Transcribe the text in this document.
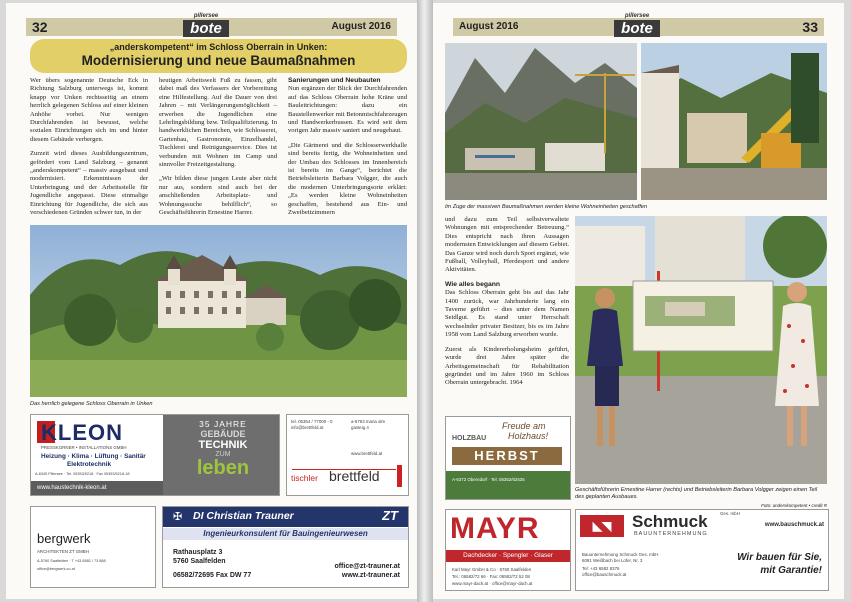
32
pillersee
bote	August 2016
„anderskompetent“ im Schloss Oberrain in Unken:
Modernisierung und neue Baumaßnahmen

Wer übers sogenannte Deutsche Eck in Richtung Salzburg unterwegs ist, kommt knapp vor Unken rechtsseitig an einem herrlich gelegenen Schloss auf einer kleinen Anhöhe vorbei. Nur wenigen Durchfahrenden ist bewusst, welche sozialen Einrichtungen sich im und hinter diesem Gebäude verbergen.

Zurzeit wird dieses Ausbildungszentrum, gefördert vom Land Salzburg – genannt „anderskompetent“ – massiv ausgebaut und modernisiert. Erkenntnissen der Unterbringung und der Arbeitsstelle für Jugendliche angepasst. Diese einmalige Einrichtung für Jugendliche, die sich aus verschiedenen Gründen schwer tun, in der

heutigen Arbeitswelt Fuß zu fassen, gibt dabei maß des Verfassers der Vorbereitung eine Hilfestellung. Auf die Dauer von drei Jahren – mit Verlängerungsmöglichkeit – erwerben die Jugendlichen eine Lehrlingsbildung bzw. Teilqualifizierung. In handwerklichen Bereichen, wie Schlosserei, Gartenbau, Gastronomie, Einzelhandel, Tischlerei und Reinigungsservice. Dies ist verbunden mit Wohnen im Camp und sinnvoller Freizeitgestaltung.

„Wir bilden diese jungen Leute aber nicht nur aus, sondern sind auch bei der anschließenden Arbeitsplatz- und Wohnungssuche behilflich“, so Geschäftsführerin Ernestine Harrer.

Sanierungen und Neubauten

Nun ergänzen der Blick der Durchfahrenden auf das Schloss Oberrain hohe Kräne und Bauleitrichtungen: dazu ein Baustellenwerker mit Betonmischfahrzeugen und Handwerkerbussen. Es wird seit dem vorigen Jahr massiv saniert und neugebaut.

„Die Gärtnerei und die Schlosserwerkhalle sind bereits fertig, die Wohneinheiten und der Umbau des Schlosses im Innenbereich ist bereits im Gange“, berichtet die Betriebsleiterin Barbara Volgger, die auch die modernen Unterbringungsorte erklärt: „Es werden kleine Wohneinheiten geschaffen, bestehend aus Ein- und Zweibettzimmern

Das herrlich gelegene Schloss Oberrain in Unken
KLEON
PRESSKORNER • INSTALLATIONS GMBH
Heizung · Klima · Lüftung · Sanitär
Elektrotechnik
A-6345 Pillersee · Tel. 05353/5218 · Fax 05353/5218-18
www.haustechnik-kleon.at
35 JAHRE
GEBÄUDE
TECHNIK
ZUM
leben
tel. 05354 / 77000 - 0
info@brettfeld.at
a-6763 maria alm
gasteig 4
www.brettfeld.at
tischler brettfeld
bergwerk
ARCHITEKTEN ZT GMBH
A-5760 Saalfelden · T +43 6582 / 73 888
office@bergwerk.co.at
DI Christian Trauner	ZT
✠
Ingenieurkonsulent für Bauingenieurwesen
Rathausplatz 3
5760 Saalfelden
06582/72695 Fax DW 77
office@zt-trauner.at
www.zt-trauner.at
August 2016
pillersee
bote	33
Im Zuge der massiven Baumaßnahmen werden kleine Wohneinheiten geschaffen

und dazu zum Teil selbstverwaltete Wohnungen mit entsprechender Betreuung.“ Dies entspricht nach ihren Aussagen modernsten Entwicklungen auf diesem Gebiet. Das Ganze wird noch durch Sport ergänzt, wie Fußball, Volleyball, Pferdesport und andere Aktivitäten.

Wie alles begann

Das Schloss Oberrain geht bis auf das Jahr 1400 zurück, war Jahrhunderte lang ein Taverne geführt – dies unter dem Namen Seidlgut. Es stand unter Herrschaft wechselnder privater Besitzer, bis es im Jahre 1958 vom Land Salzburg erworben wurde.

Zuerst als Kindererholungsheim geführt, wurde drei Jahre später die Arbeitsgemeinschaft für Rehabilitation gegründet und im Jahre 1960 im Schloss Oberrain untergebracht. 1964

Freude am
Holzhaus!
HOLZBAU
HERBST
A-6372 Oberndorf · Tel. 05352/62535
MAYR
Dachdecker · Spengler · Glaser
Karl Mayr GmbH & Co · 5760 Saalfelden
Tel.: 06582/72 66 · Fax: 06582/72 52 08
www.mayr-dach.at · office@mayr-dach.at
Geschäftsführerin Ernestine Harrer (rechts) und Betriebsleiterin Barbara Volgger zeigen einen Teil des geplanten Ausbaues.
Foto: anderskompetent • credit R
◣◥	Schmuck	Ges. mbH
BAUUNTERNEHMUNG
www.bauschmuck.at
Bauunternehmung Schmuck Ges. mbH
6091 Weißbach bei Lofer, Nr. 3
Tel: +43 6582 8376
office@bauschmuck.at
Wir bauen für Sie,
mit Garantie!
